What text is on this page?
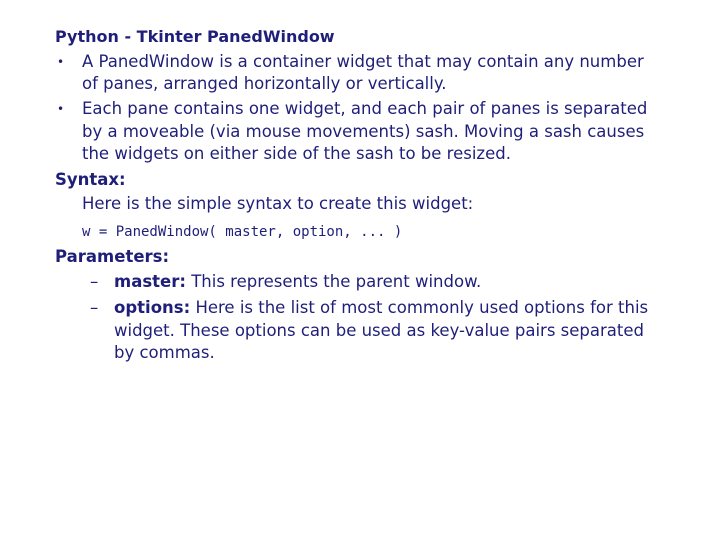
Python - Tkinter PanedWindow
• A PanedWindow is a container widget that may contain any number
of panes, arranged horizontally or vertically.
• Each pane contains one widget, and each pair of panes is separated
by a moveable (via mouse movements) sash. Moving a sash causes
the widgets on either side of the sash to be resized.
Syntax:
Here is the simple syntax to create this widget:
w = PanedWindow( master, option, ... )
Parameters:
– master: This represents the parent window.
– options: Here is the list of most commonly used options for this
widget. These options can be used as key-value pairs separated
by commas.
